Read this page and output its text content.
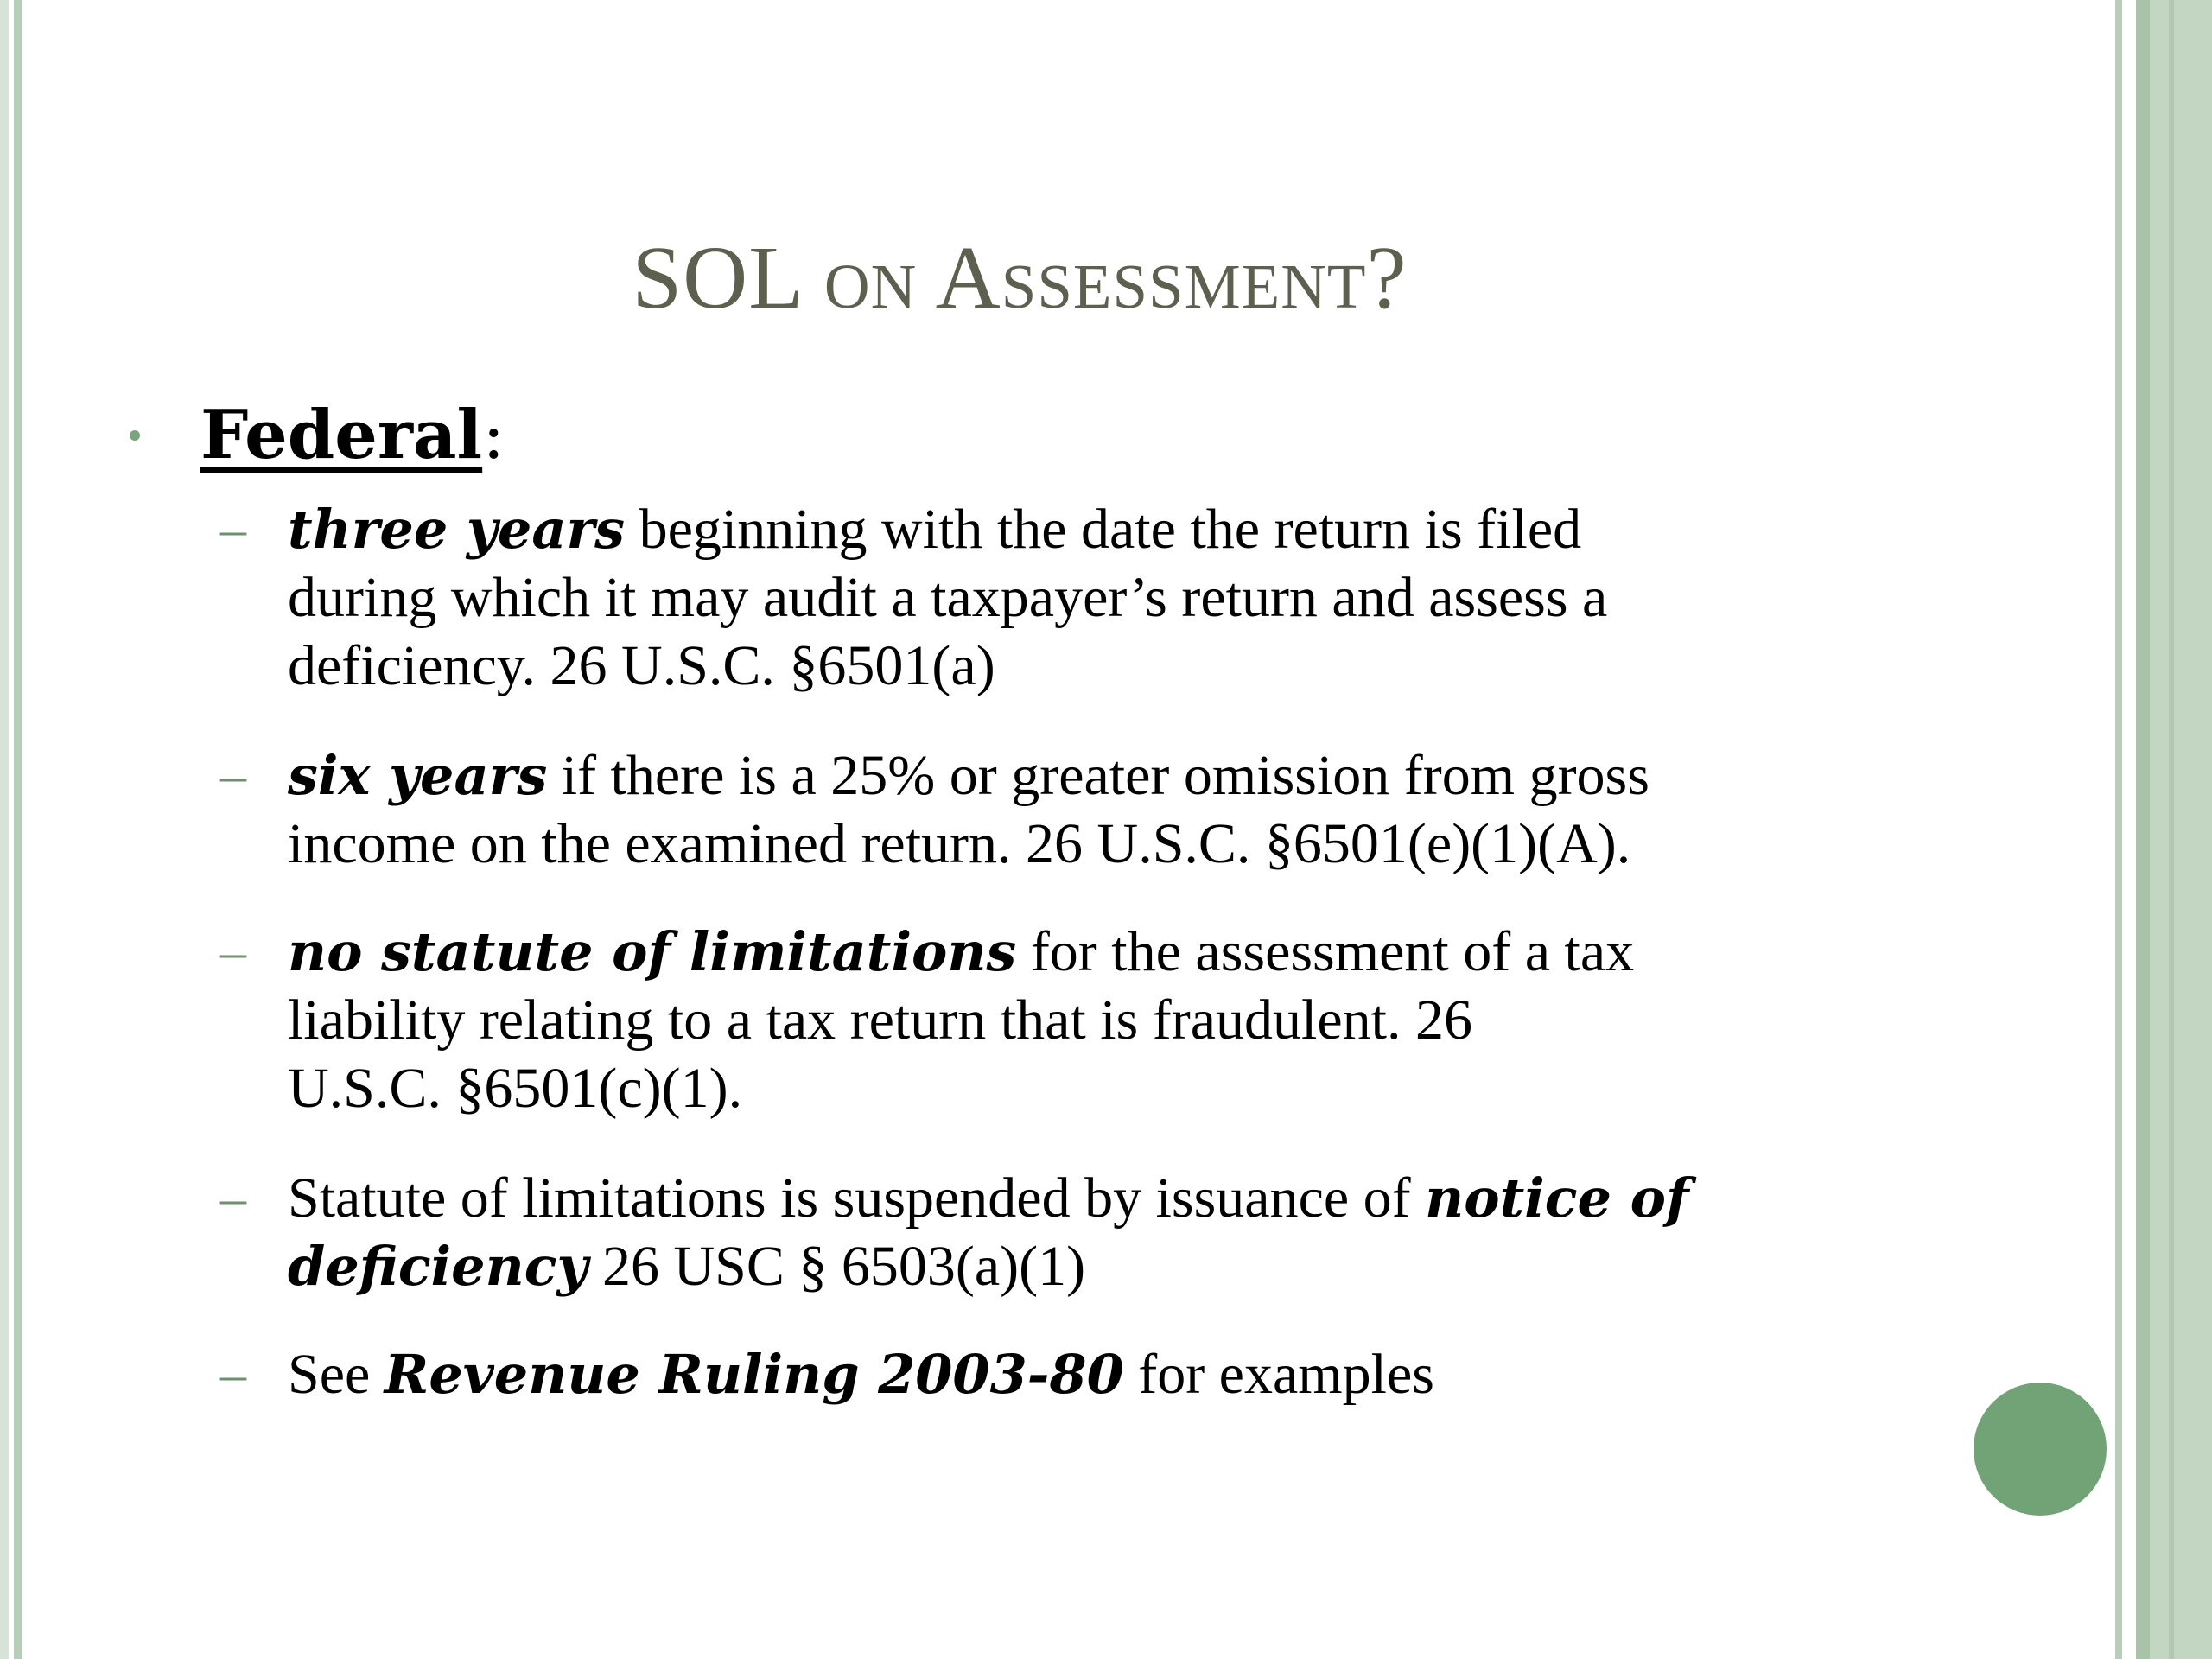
SOL on Assessment?
Federal:
– three years beginning with the date the return is filed
during which it may audit a taxpayer’s return and assess a
deficiency. 26 U.S.C. §6501(a)
– six years if there is a 25% or greater omission from gross
income on the examined return. 26 U.S.C. §6501(e)(1)(A).
– no statute of limitations for the assessment of a tax
liability relating to a tax return that is fraudulent. 26
U.S.C. §6501(c)(1).
– Statute of limitations is suspended by issuance of notice of
deficiency 26 USC § 6503(a)(1)
– See Revenue Ruling 2003-80 for examples
